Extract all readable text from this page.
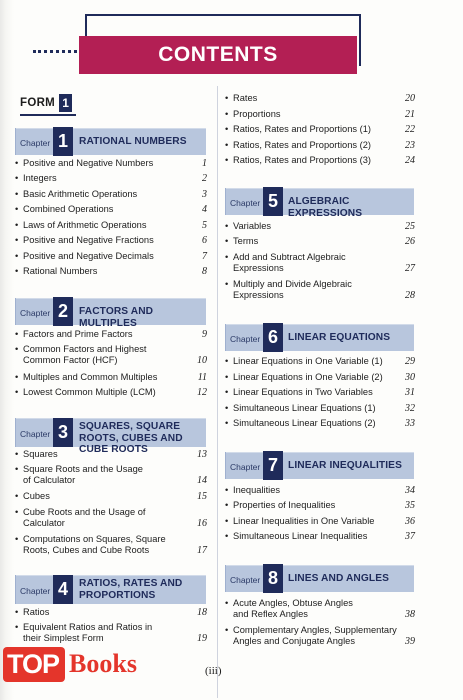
CONTENTS
FORM 1
Chapter 1	RATIONAL NUMBERS
• Positive and Negative Numbers	1
• Integers	2
• Basic Arithmetic Operations	3
• Combined Operations	4
• Laws of Arithmetic Operations	5
• Positive and Negative Fractions	6
• Positive and Negative Decimals	7
• Rational Numbers	8
Chapter 2	FACTORS AND MULTIPLES
• Factors and Prime Factors	9
• Common Factors and Highest Common Factor (HCF)	10
• Multiples and Common Multiples	11
• Lowest Common Multiple (LCM)	12
Chapter 3	SQUARES, SQUARE ROOTS, CUBES AND CUBE ROOTS
• Squares	13
• Square Roots and the Usage of Calculator	14
• Cubes	15
• Cube Roots and the Usage of Calculator	16
• Computations on Squares, Square Roots, Cubes and Cube Roots	17
Chapter 4	RATIOS, RATES AND PROPORTIONS
• Ratios	18
• Equivalent Ratios and Ratios in their Simplest Form	19
• Rates	20
• Proportions	21
• Ratios, Rates and Proportions (1)	22
• Ratios, Rates and Proportions (2)	23
• Ratios, Rates and Proportions (3)	24
Chapter 5 ALGEBRAIC EXPRESSIONS
• Variables	25
• Terms	26
• Add and Subtract Algebraic Expressions	27
• Multiply and Divide Algebraic Expressions	28
Chapter 6 LINEAR EQUATIONS
• Linear Equations in One Variable (1)	29
• Linear Equations in One Variable (2)	30
• Linear Equations in Two Variables	31
• Simultaneous Linear Equations (1)	32
• Simultaneous Linear Equations (2)	33
Chapter 7 LINEAR INEQUALITIES
• Inequalities	34
• Properties of Inequalities	35
• Linear Inequalities in One Variable	36
• Simultaneous Linear Inequalities	37
Chapter 8 LINES AND ANGLES
• Acute Angles, Obtuse Angles and Reflex Angles	38
• Complementary Angles, Supplementary Angles and Conjugate Angles	39
(iii)
TOP Books
